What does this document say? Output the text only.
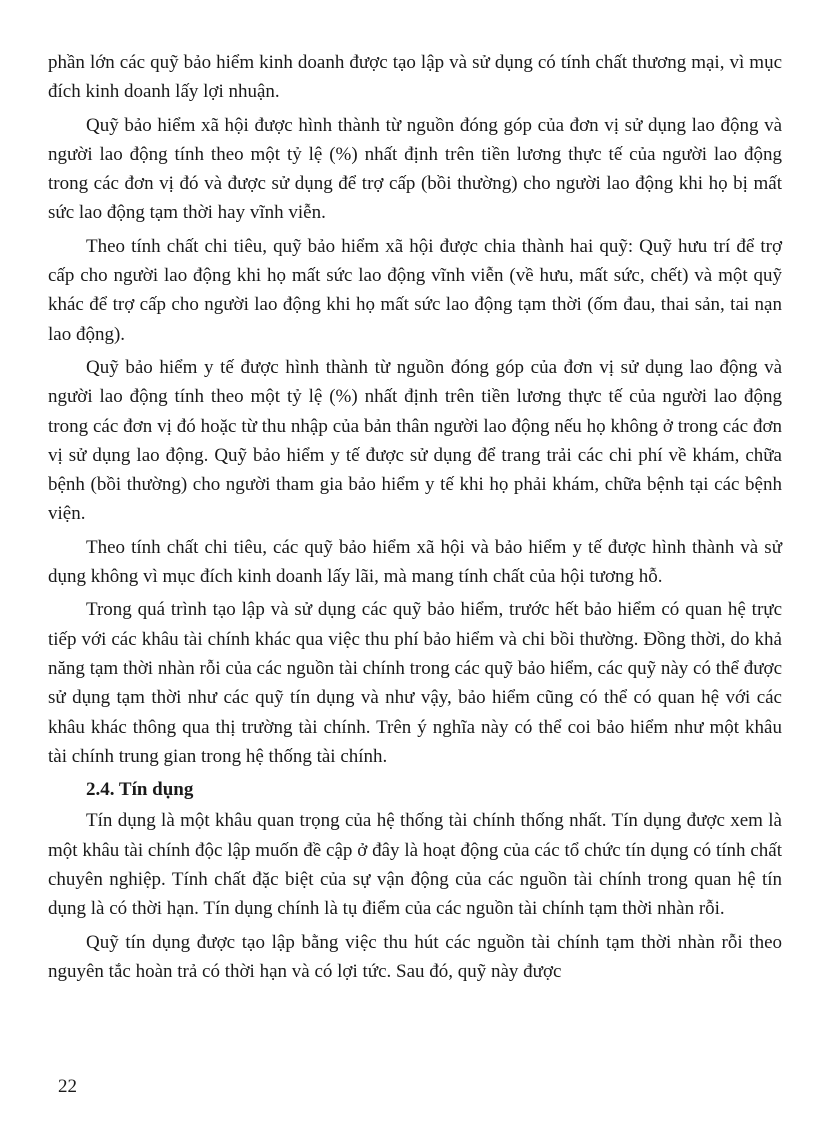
phần lớn các quỹ bảo hiểm kinh doanh được tạo lập và sử dụng có tính chất thương mại, vì mục đích kinh doanh lấy lợi nhuận.

Quỹ bảo hiểm xã hội được hình thành từ nguồn đóng góp của đơn vị sử dụng lao động và người lao động tính theo một tỷ lệ (%) nhất định trên tiền lương thực tế của người lao động trong các đơn vị đó và được sử dụng để trợ cấp (bồi thường) cho người lao động khi họ bị mất sức lao động tạm thời hay vĩnh viễn.

Theo tính chất chi tiêu, quỹ bảo hiểm xã hội được chia thành hai quỹ: Quỹ hưu trí để trợ cấp cho người lao động khi họ mất sức lao động vĩnh viễn (về hưu, mất sức, chết) và một quỹ khác để trợ cấp cho người lao động khi họ mất sức lao động tạm thời (ốm đau, thai sản, tai nạn lao động).

Quỹ bảo hiểm y tế được hình thành từ nguồn đóng góp của đơn vị sử dụng lao động và người lao động tính theo một tỷ lệ (%) nhất định trên tiền lương thực tế của người lao động trong các đơn vị đó hoặc từ thu nhập của bản thân người lao động nếu họ không ở trong các đơn vị sử dụng lao động. Quỹ bảo hiểm y tế được sử dụng để trang trải các chi phí về khám, chữa bệnh (bồi thường) cho người tham gia bảo hiểm y tế khi họ phải khám, chữa bệnh tại các bệnh viện.

Theo tính chất chi tiêu, các quỹ bảo hiểm xã hội và bảo hiểm y tế được hình thành và sử dụng không vì mục đích kinh doanh lấy lãi, mà mang tính chất của hội tương hỗ.

Trong quá trình tạo lập và sử dụng các quỹ bảo hiểm, trước hết bảo hiểm có quan hệ trực tiếp với các khâu tài chính khác qua việc thu phí bảo hiểm và chi bồi thường. Đồng thời, do khả năng tạm thời nhàn rỗi của các nguồn tài chính trong các quỹ bảo hiểm, các quỹ này có thể được sử dụng tạm thời như các quỹ tín dụng và như vậy, bảo hiểm cũng có thể có quan hệ với các khâu khác thông qua thị trường tài chính. Trên ý nghĩa này có thể coi bảo hiểm như một khâu tài chính trung gian trong hệ thống tài chính.

2.4. Tín dụng

Tín dụng là một khâu quan trọng của hệ thống tài chính thống nhất. Tín dụng được xem là một khâu tài chính độc lập muốn đề cập ở đây là hoạt động của các tổ chức tín dụng có tính chất chuyên nghiệp. Tính chất đặc biệt của sự vận động của các nguồn tài chính trong quan hệ tín dụng là có thời hạn. Tín dụng chính là tụ điểm của các nguồn tài chính tạm thời nhàn rỗi.

Quỹ tín dụng được tạo lập bằng việc thu hút các nguồn tài chính tạm thời nhàn rỗi theo nguyên tắc hoàn trả có thời hạn và có lợi tức. Sau đó, quỹ này được

22
